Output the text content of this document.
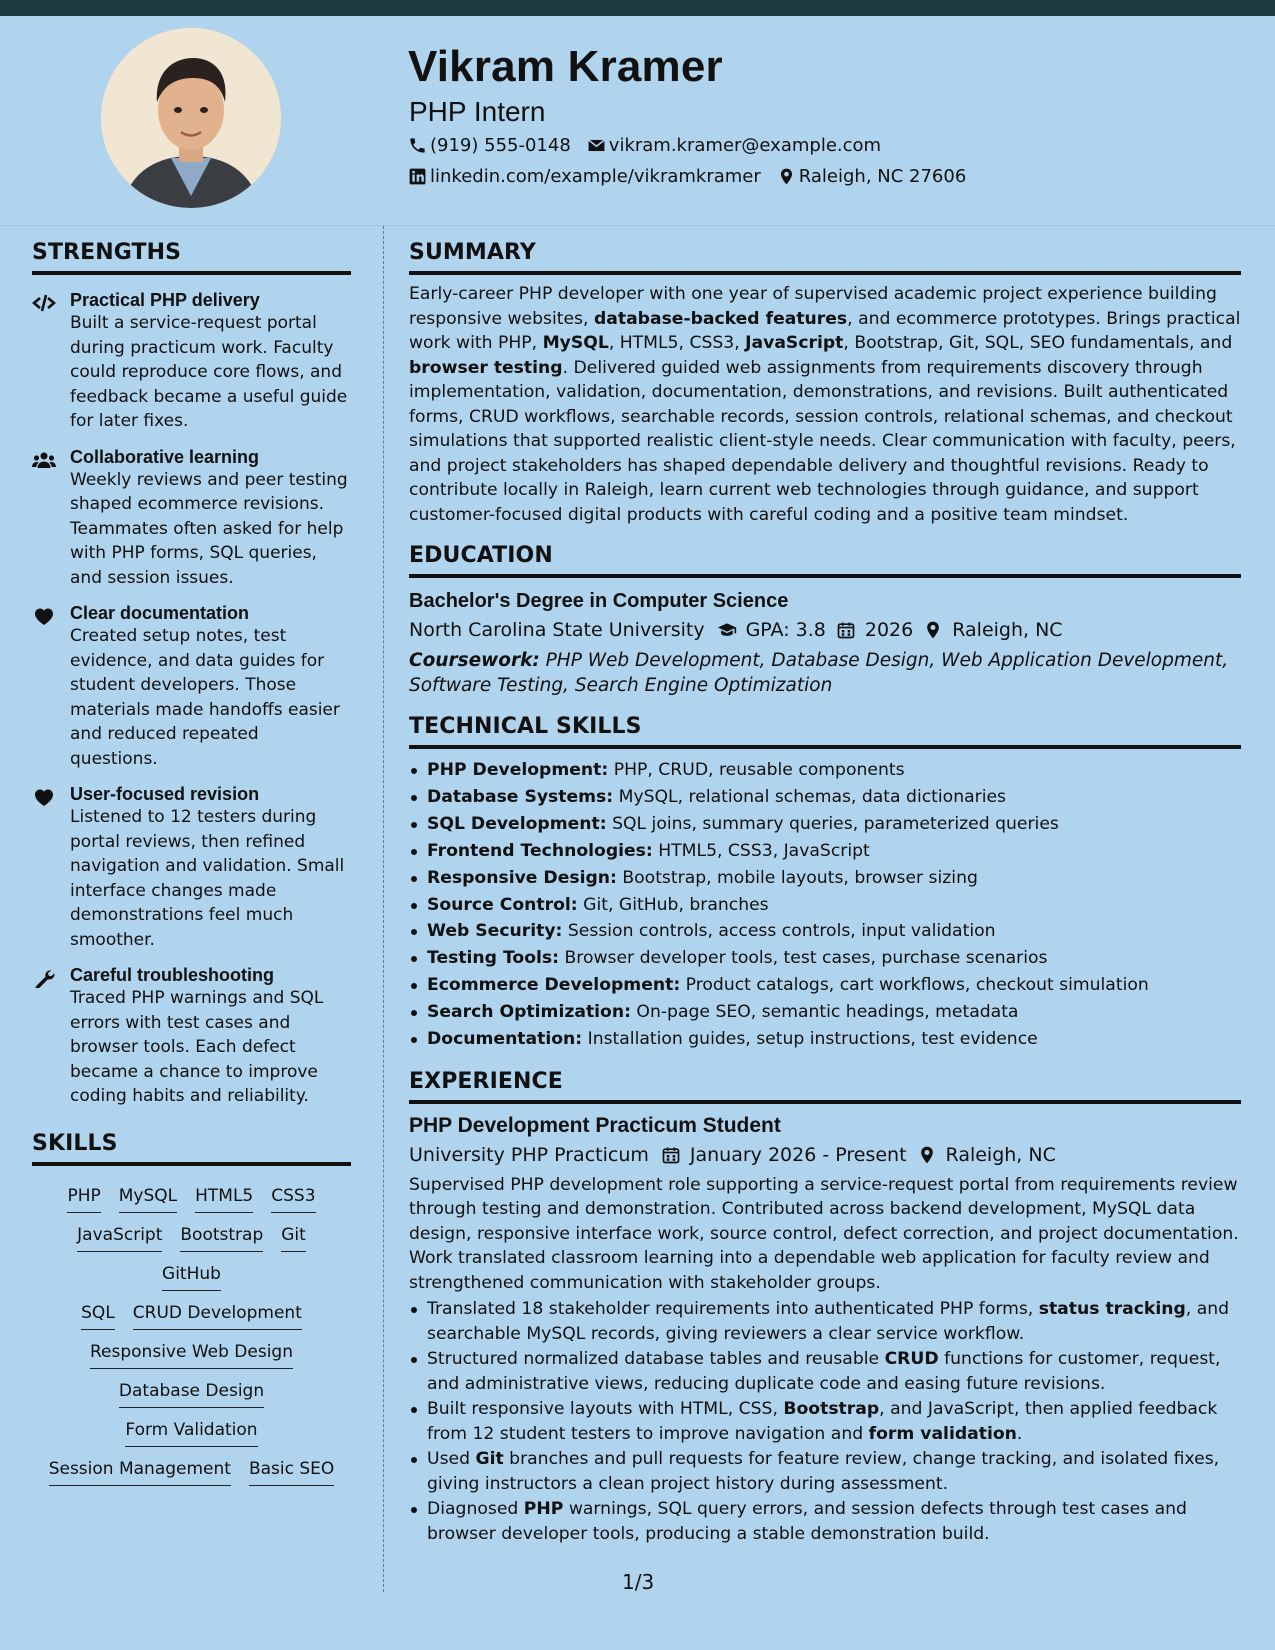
Vikram Kramer
PHP Intern
(919) 555-0148 vikram.kramer@example.com
linkedin.com/example/vikramkramer Raleigh, NC 27606
STRENGTHS
Practical PHP delivery
Built a service-request portal during practicum work. Faculty could reproduce core flows, and feedback became a useful guide for later fixes.
Collaborative learning
Weekly reviews and peer testing shaped ecommerce revisions. Teammates often asked for help with PHP forms, SQL queries, and session issues.
Clear documentation
Created setup notes, test evidence, and data guides for student developers. Those materials made handoffs easier and reduced repeated questions.
User-focused revision
Listened to 12 testers during portal reviews, then refined navigation and validation. Small interface changes made demonstrations feel much smoother.
Careful troubleshooting
Traced PHP warnings and SQL errors with test cases and browser tools. Each defect became a chance to improve coding habits and reliability.
SKILLS
PHP MySQL HTML5 CSS3
JavaScript Bootstrap Git
GitHub
SQL CRUD Development
Responsive Web Design
Database Design
Form Validation
Session Management Basic SEO
SUMMARY

Early-career PHP developer with one year of supervised academic project experience building responsive websites, database-backed features, and ecommerce prototypes. Brings practical work with PHP, MySQL, HTML5, CSS3, JavaScript, Bootstrap, Git, SQL, SEO fundamentals, and browser testing. Delivered guided web assignments from requirements discovery through implementation, validation, documentation, demonstrations, and revisions. Built authenticated forms, CRUD workflows, searchable records, session controls, relational schemas, and checkout simulations that supported realistic client-style needs. Clear communication with faculty, peers, and project stakeholders has shaped dependable delivery and thoughtful revisions. Ready to contribute locally in Raleigh, learn current web technologies through guidance, and support customer-focused digital products with careful coding and a positive team mindset.

EDUCATION
Bachelor's Degree in Computer Science
North Carolina State University GPA: 3.8 2026 Raleigh, NC
Coursework: PHP Web Development, Database Design, Web Application Development, Software Testing, Search Engine Optimization
TECHNICAL SKILLS
PHP Development: PHP, CRUD, reusable components
Database Systems: MySQL, relational schemas, data dictionaries
SQL Development: SQL joins, summary queries, parameterized queries
Frontend Technologies: HTML5, CSS3, JavaScript
Responsive Design: Bootstrap, mobile layouts, browser sizing
Source Control: Git, GitHub, branches
Web Security: Session controls, access controls, input validation
Testing Tools: Browser developer tools, test cases, purchase scenarios
Ecommerce Development: Product catalogs, cart workflows, checkout simulation
Search Optimization: On-page SEO, semantic headings, metadata
Documentation: Installation guides, setup instructions, test evidence
EXPERIENCE
PHP Development Practicum Student
University PHP Practicum January 2026 - Present Raleigh, NC

Supervised PHP development role supporting a service-request portal from requirements review through testing and demonstration. Contributed across backend development, MySQL data design, responsive interface work, source control, defect correction, and project documentation. Work translated classroom learning into a dependable web application for faculty review and strengthened communication with stakeholder groups.

Translated 18 stakeholder requirements into authenticated PHP forms, status tracking, and searchable MySQL records, giving reviewers a clear service workflow.
Structured normalized database tables and reusable CRUD functions for customer, request, and administrative views, reducing duplicate code and easing future revisions.
Built responsive layouts with HTML, CSS, Bootstrap, and JavaScript, then applied feedback from 12 student testers to improve navigation and form validation.
Used Git branches and pull requests for feature review, change tracking, and isolated fixes, giving instructors a clean project history during assessment.
Diagnosed PHP warnings, SQL query errors, and session defects through test cases and browser developer tools, producing a stable demonstration build.
1/3
